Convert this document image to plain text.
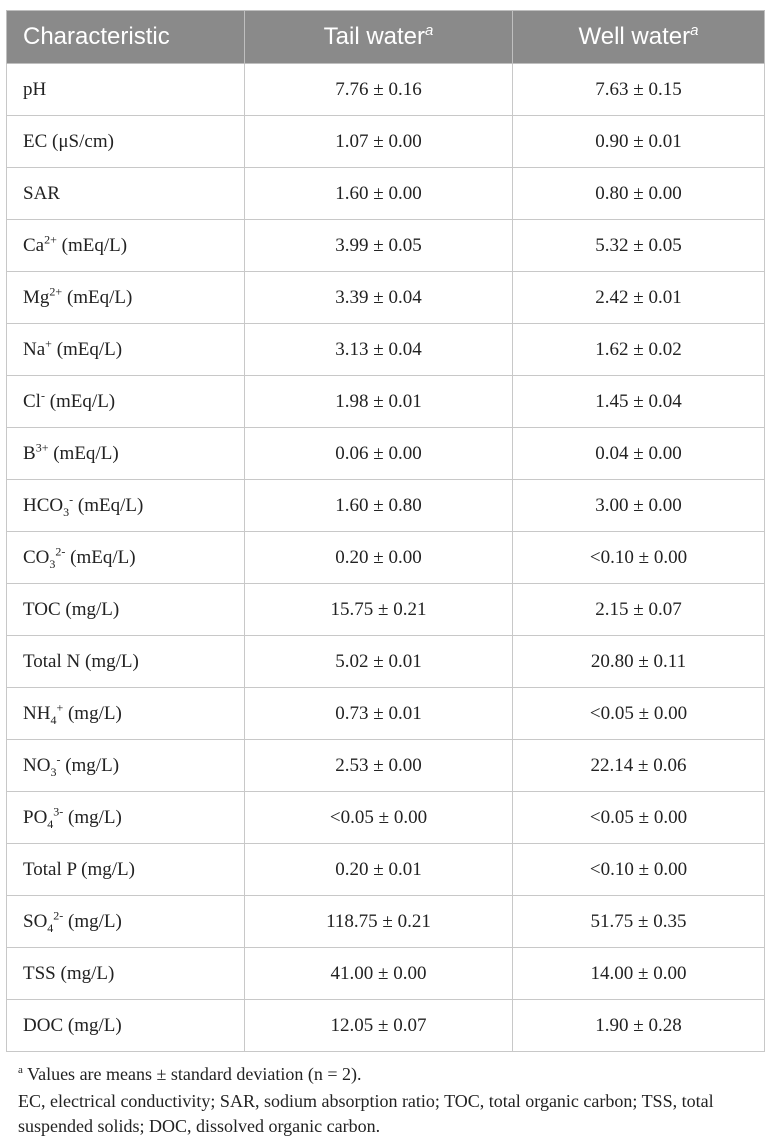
Characteristic	Tail water$^a$	Well water$^a$
pH	7.76 ± 0.16	7.63 ± 0.15
EC (μS/cm)	1.07 ± 0.00	0.90 ± 0.01
SAR	1.60 ± 0.00	0.80 ± 0.00
$Ca^{2+}$ (mEq/L)	3.99 ± 0.05	5.32 ± 0.05
$Mg^{2+}$ (mEq/L)	3.39 ± 0.04	2.42 ± 0.01
Na+ (mEq/L)	3.13 ± 0.04	1.62 ± 0.02
Cl- (mEq/L)	1.98 ± 0.01	1.45 ± 0.04
$B^{3+}$ (mEq/L)	0.06 ± 0.00	0.04 ± 0.00
$HCO_3^-$ (mEq/L)	1.60 ± 0.80	3.00 ± 0.00
$CO_3^{2-}$ (mEq/L)	0.20 ± 0.00	<0.10 ± 0.00
TOC (mg/L)	15.75 ± 0.21	2.15 ± 0.07
Total N (mg/L)	5.02 ± 0.01	20.80 ± 0.11
$NH_4^+$ (mg/L)	0.73 ± 0.01	<0.05 ± 0.00
$NO_3^-$ (mg/L)	2.53 ± 0.00	22.14 ± 0.06
$PO_4^{3-}$ (mg/L)	<0.05 ± 0.00	<0.05 ± 0.00
Total P (mg/L)	0.20 ± 0.01	<0.10 ± 0.00
$SO_4^{2-}$ (mg/L)	118.75 ± 0.21	51.75 ± 0.35
TSS (mg/L)	41.00 ± 0.00	14.00 ± 0.00
DOC (mg/L)	12.05 ± 0.07	1.90 ± 0.28
$^a$ Values are means ± standard deviation (n = 2).
EC, electrical conductivity; SAR, sodium absorption ratio; TOC, total organic carbon; TSS, total suspended solids; DOC, dissolved organic carbon.
